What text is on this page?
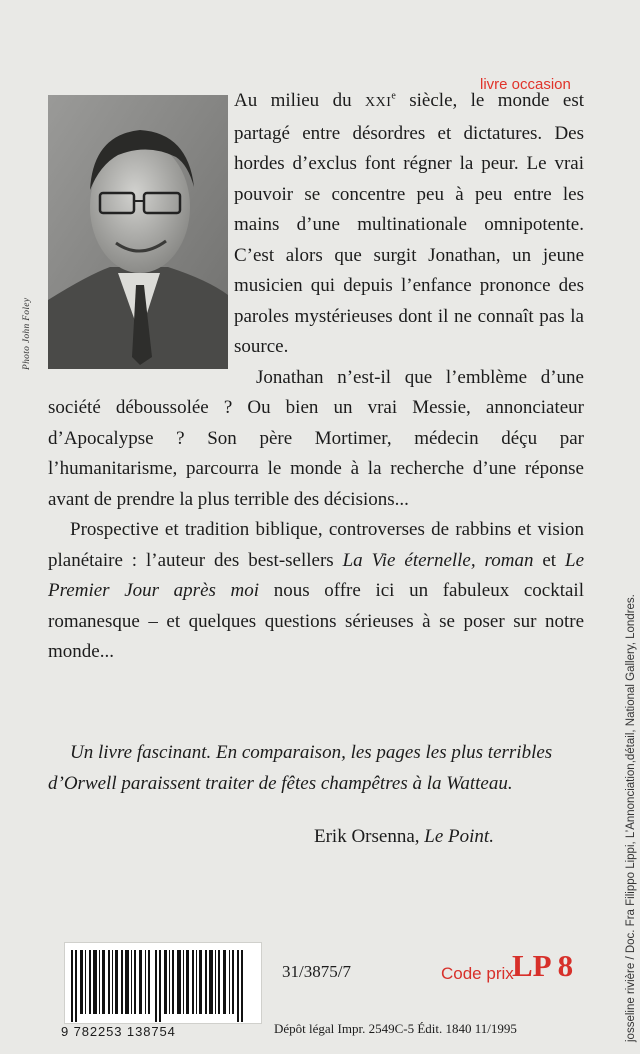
livre occasion
Photo John Foley

Au milieu du XXIe siècle, le monde est partagé entre désordres et dictatures. Des hordes d’exclus font régner la peur. Le vrai pouvoir se concentre peu à peu entre les mains d’une multinationale omnipotente. C’est alors que surgit Jonathan, un jeune musicien qui depuis l’enfance prononce des paroles mystérieuses dont il ne connaît pas la source.

Jonathan n’est-il que l’emblème d’une société déboussolée ? Ou bien un vrai Messie, annonciateur d’Apocalypse ? Son père Mortimer, médecin déçu par l’humanitarisme, parcourra le monde à la recherche d’une réponse avant de prendre la plus terrible des décisions...

Prospective et tradition biblique, controverses de rabbins et vision planétaire : l’auteur des best-sellers La Vie éternelle, roman et Le Premier Jour après moi nous offre ici un fabuleux cocktail romanesque – et quelques questions sérieuses à se poser sur notre monde...

Un livre fascinant. En comparaison, les pages les plus terribles d’Orwell paraissent traiter de fêtes champêtres à la Watteau.

Erik Orsenna, Le Point.	josseline rivière / Doc. Fra Filippo Lippi, L’Annonciation,détail, National Gallery, Londres.
9 782253 138754
31/3875/7	Code prix
LP 8
Dépôt légal Impr. 2549C-5 Édit. 1840 11/1995
